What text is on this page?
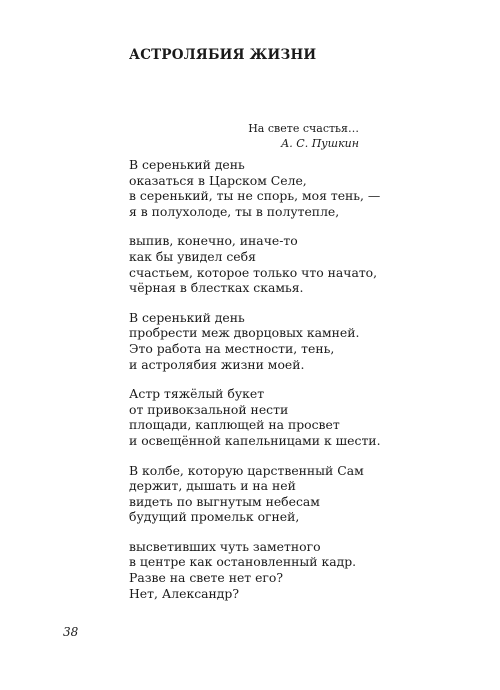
АСТРОЛЯБИЯ ЖИЗНИ
На свете счастья…
А. С. Пушкин
В серенький день
оказаться в Царском Селе,
в серенький, ты не спорь, моя тень, —
я в полухолоде, ты в полутепле,
выпив, конечно, иначе-то
как бы увидел себя
счастьем, которое только что начато,
чёрная в блестках скамья.
В серенький день
пробрести меж дворцовых камней.
Это работа на местности, тень,
и астролябия жизни моей.
Астр тяжёлый букет
от привокзальной нести
площади, каплющей на просвет
и освещённой капельницами к шести.
В колбе, которую царственный Сам
держит, дышать и на ней
видеть по выгнутым небесам
будущий промельк огней,
высветивших чуть заметного
в центре как остановленный кадр.
Разве на свете нет его?
Нет, Александр?
38
